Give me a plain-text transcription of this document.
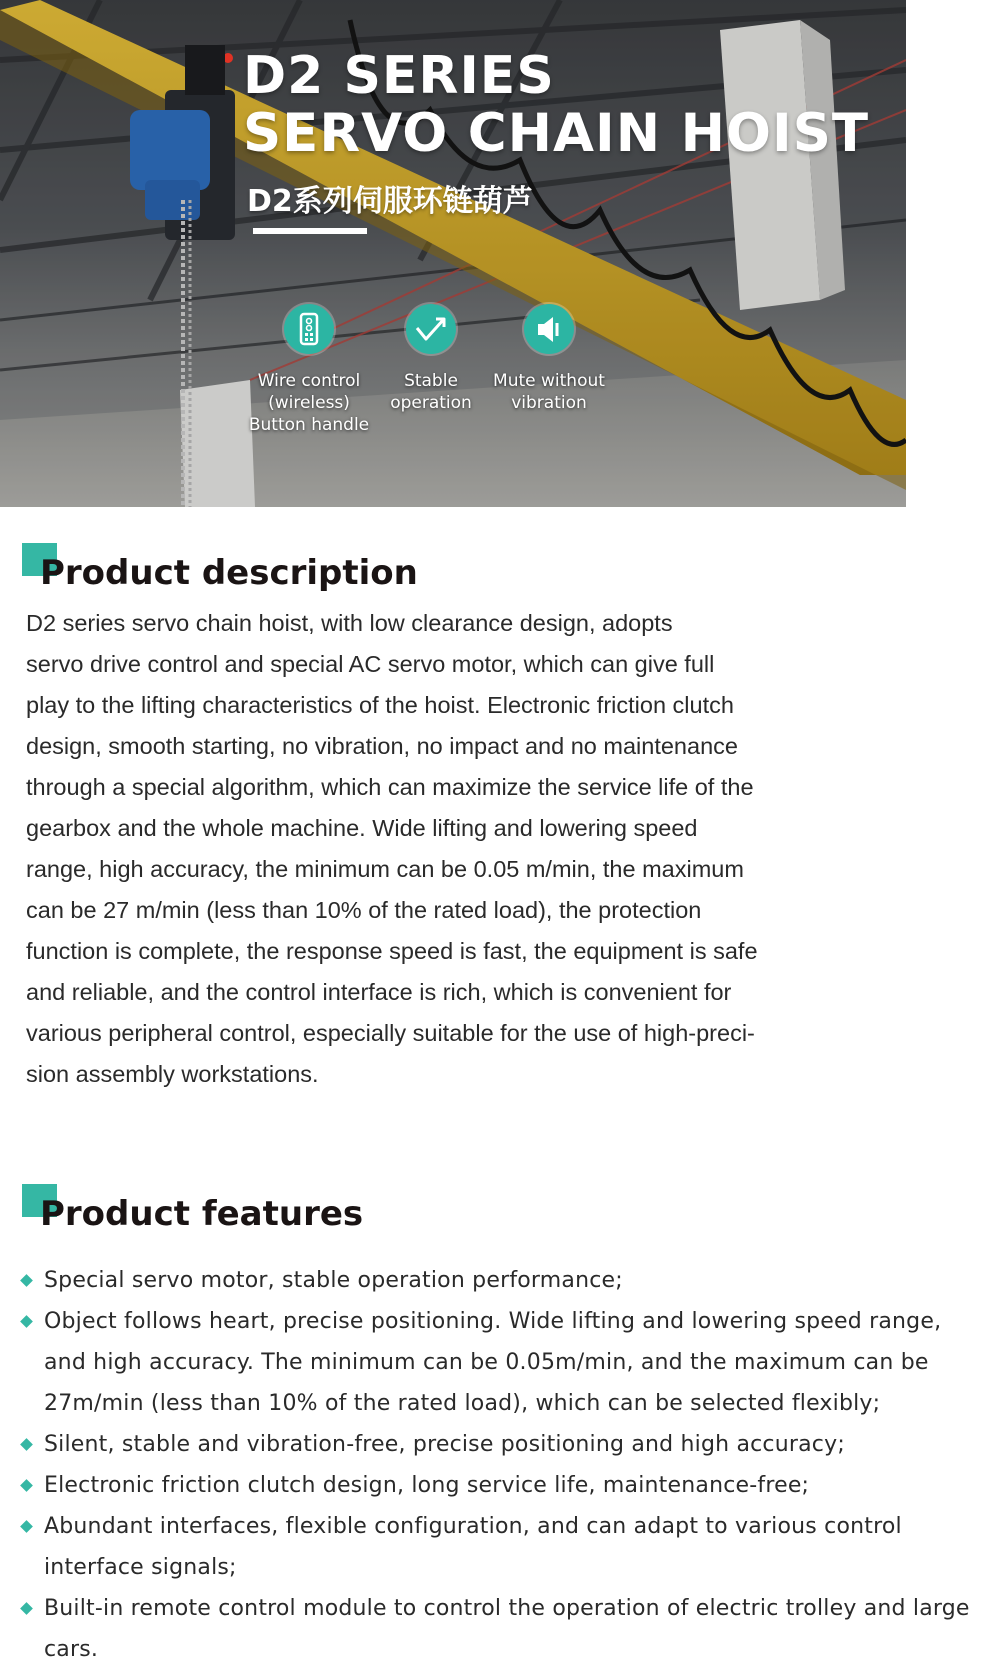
D2 SERIES
SERVO CHAIN HOIST
D2系列伺服环链葫芦
Wire control
(wireless)
Button handle
Stable
operation
Mute without
vibration
Product description

D2 series servo chain hoist, with low clearance design, adopts
servo drive control and special AC servo motor, which can give full
play to the lifting characteristics of the hoist. Electronic friction clutch
design, smooth starting, no vibration, no impact and no maintenance
through a special algorithm, which can maximize the service life of the
gearbox and the whole machine. Wide lifting and lowering speed
range, high accuracy, the minimum can be 0.05 m/min, the maximum
can be 27 m/min (less than 10% of the rated load), the protection
function is complete, the response speed is fast, the equipment is safe
and reliable, and the control interface is rich, which is convenient for
various peripheral control, especially suitable for the use of high-preci-
sion assembly workstations.

Product features
Special servo motor, stable operation performance;
Object follows heart, precise positioning. Wide lifting and lowering speed range,
and high accuracy. The minimum can be 0.05m/min, and the maximum can be
27m/min (less than 10% of the rated load), which can be selected flexibly;
Silent, stable and vibration-free, precise positioning and high accuracy;
Electronic friction clutch design, long service life, maintenance-free;
Abundant interfaces, flexible configuration, and can adapt to various control
interface signals;
Built-in remote control module to control the operation of electric trolley and large
cars.
